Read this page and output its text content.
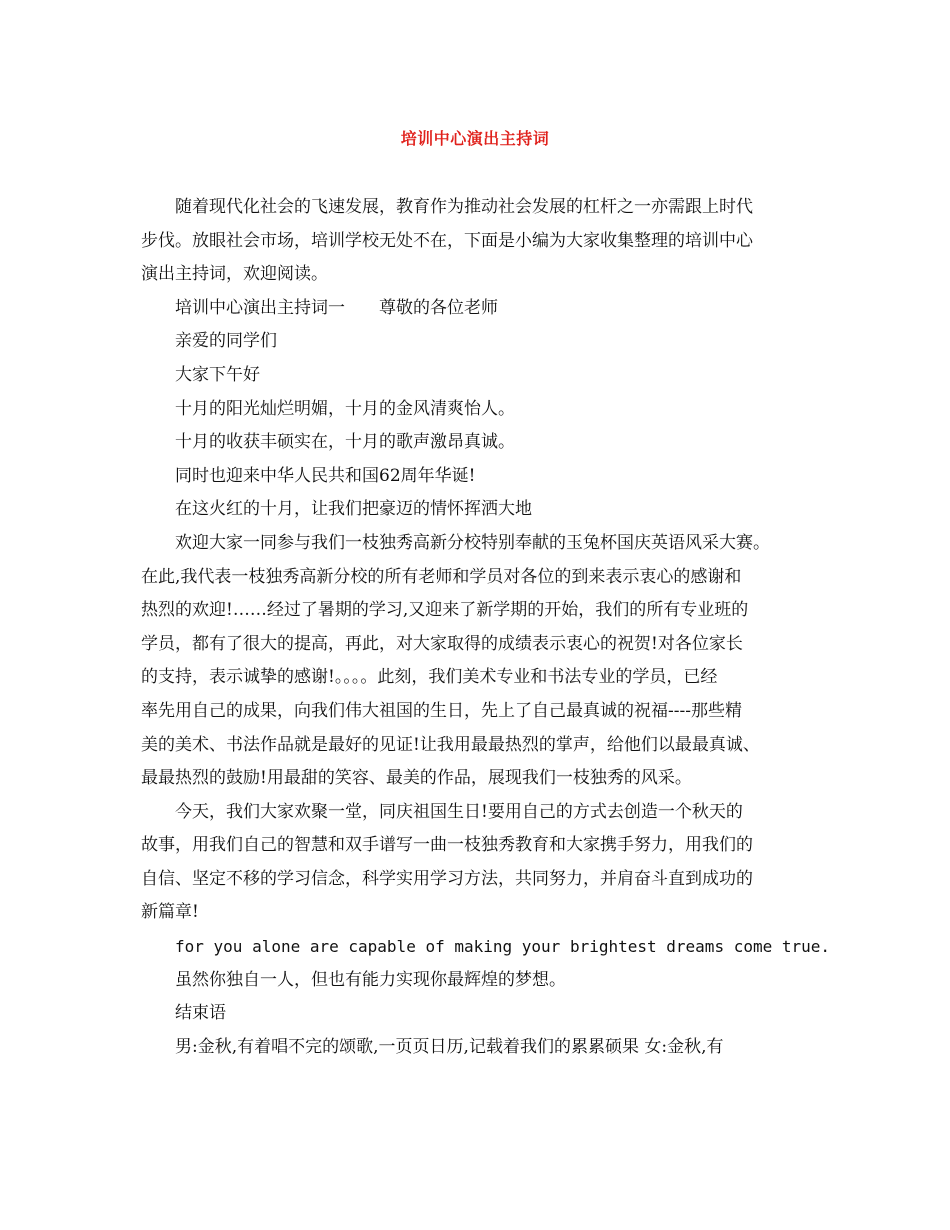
培训中心演出主持词
随着现代化社会的飞速发展，教育作为推动社会发展的杠杆之一亦需跟上时代
步伐。放眼社会市场，培训学校无处不在，下面是小编为大家收集整理的培训中心
演出主持词，欢迎阅读。
培训中心演出主持词一　　尊敬的各位老师
亲爱的同学们
大家下午好
十月的阳光灿烂明媚，十月的金风清爽怡人。
十月的收获丰硕实在，十月的歌声激昂真诚。
同时也迎来中华人民共和国62周年华诞!
在这火红的十月，让我们把豪迈的情怀挥洒大地
欢迎大家一同参与我们一枝独秀高新分校特别奉献的玉兔杯国庆英语风采大赛。
在此,我代表一枝独秀高新分校的所有老师和学员对各位的到来表示衷心的感谢和
热烈的欢迎!……经过了暑期的学习,又迎来了新学期的开始，我们的所有专业班的
学员，都有了很大的提高，再此，对大家取得的成绩表示衷心的祝贺!对各位家长
的支持，表示诚挚的感谢!。。。。此刻，我们美术专业和书法专业的学员，已经
率先用自己的成果，向我们伟大祖国的生日，先上了自己最真诚的祝福----那些精
美的美术、书法作品就是最好的见证!让我用最最热烈的掌声，给他们以最最真诚、
最最热烈的鼓励!用最甜的笑容、最美的作品，展现我们一枝独秀的风采。
今天，我们大家欢聚一堂，同庆祖国生日!要用自己的方式去创造一个秋天的
故事，用我们自己的智慧和双手谱写一曲一枝独秀教育和大家携手努力，用我们的
自信、坚定不移的学习信念，科学实用学习方法，共同努力，并肩奋斗直到成功的
新篇章!
for you alone are capable of making your brightest dreams come true.
虽然你独自一人，但也有能力实现你最辉煌的梦想。
结束语
男:金秋,有着唱不完的颂歌,一页页日历,记载着我们的累累硕果 女:金秋,有
